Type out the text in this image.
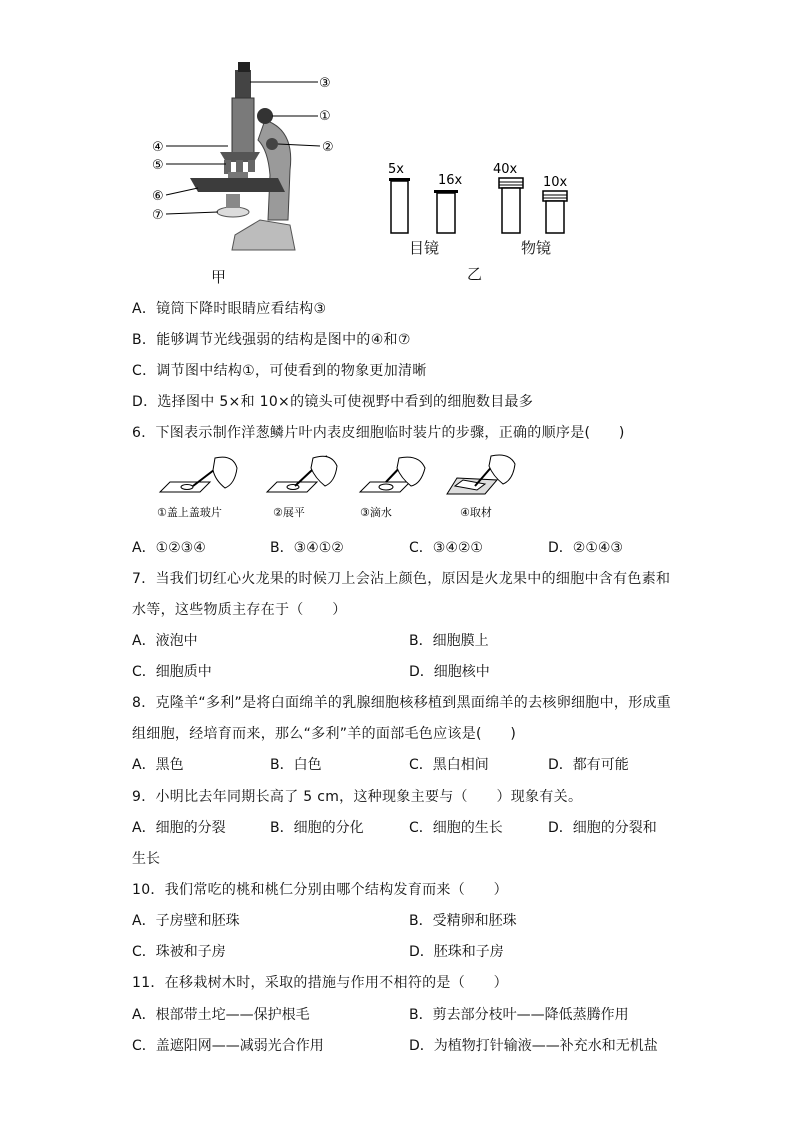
③
①
②
④
⑤
⑥
⑦
甲
5x
16x
40x
10x
目镜	物镜
乙
A．镜筒下降时眼睛应看结构③
B．能够调节光线强弱的结构是图中的④和⑦
C．调节图中结构①，可使看到的物象更加清晰
D．选择图中 5×和 10×的镜头可使视野中看到的细胞数目最多
6．下图表示制作洋葱鳞片叶内表皮细胞临时装片的步骤，正确的顺序是(　　)
①盖上盖玻片	②展平	③滴水	④取材
A．①②③④	B．③④①②	C．③④②①	D．②①④③
7．当我们切红心火龙果的时候刀上会沾上颜色，原因是火龙果中的细胞中含有色素和
水等，这些物质主存在于（　　）
A．液泡中	B．细胞膜上
C．细胞质中	D．细胞核中
8．克隆羊“多利”是将白面绵羊的乳腺细胞核移植到黑面绵羊的去核卵细胞中，形成重
组细胞，经培育而来，那么“多利”羊的面部毛色应该是(　　)
A．黑色	B．白色	C．黑白相间	D．都有可能
9．小明比去年同期长高了 5 cm，这种现象主要与（　　）现象有关。
A．细胞的分裂	B．细胞的分化	C．细胞的生长	D．细胞的分裂和
生长
10．我们常吃的桃和桃仁分别由哪个结构发育而来（　　）
A．子房壁和胚珠	B．受精卵和胚珠
C．珠被和子房	D．胚珠和子房
11．在移栽树木时，采取的措施与作用不相符的是（　　）
A．根部带土坨——保护根毛	B．剪去部分枝叶——降低蒸腾作用
C．盖遮阳网——减弱光合作用	D．为植物打针输液——补充水和无机盐
